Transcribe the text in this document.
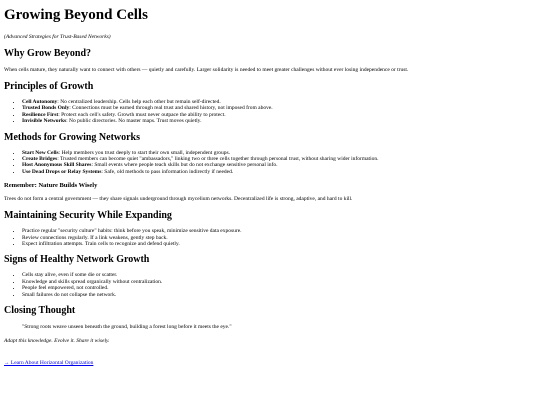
Growing Beyond Cells

(Advanced Strategies for Trust-Based Networks)

Why Grow Beyond?

When cells mature, they naturally want to connect with others — quietly and carefully. Larger solidarity is needed to meet greater challenges without ever losing independence or trust.

Principles of Growth
• Cell Autonomy: No centralized leadership. Cells help each other but remain self-directed.
• Trusted Bonds Only: Connections must be earned through real trust and shared history, not imposed from above.
• Resilience First: Protect each cell's safety. Growth must never outpace the ability to protect.
• Invisible Networks: No public directories. No master maps. Trust moves quietly.
Methods for Growing Networks
• Start New Cells: Help members you trust deeply to start their own small, independent groups.
• Create Bridges: Trusted members can become quiet "ambassadors," linking two or three cells together through personal trust, without sharing wider information.
• Host Anonymous Skill Shares: Small events where people teach skills but do not exchange sensitive personal info.
• Use Dead Drops or Relay Systems: Safe, old methods to pass information indirectly if needed.
Remember: Nature Builds Wisely

Trees do not form a central government — they share signals underground through mycelium networks. Decentralized life is strong, adaptive, and hard to kill.

Maintaining Security While Expanding
• Practice regular "security culture" habits: think before you speak, minimize sensitive data exposure.
• Review connections regularly. If a link weakens, gently step back.
• Expect infiltration attempts. Train cells to recognize and defend quietly.
Signs of Healthy Network Growth
• Cells stay alive, even if some die or scatter.
• Knowledge and skills spread organically without centralization.
• People feel empowered, not controlled.
• Small failures do not collapse the network.
Closing Thought
"Strong roots weave unseen beneath the ground, building a forest long before it meets the eye."

Adapt this knowledge. Evolve it. Share it wisely.

→ Learn About Horizontal Organization
